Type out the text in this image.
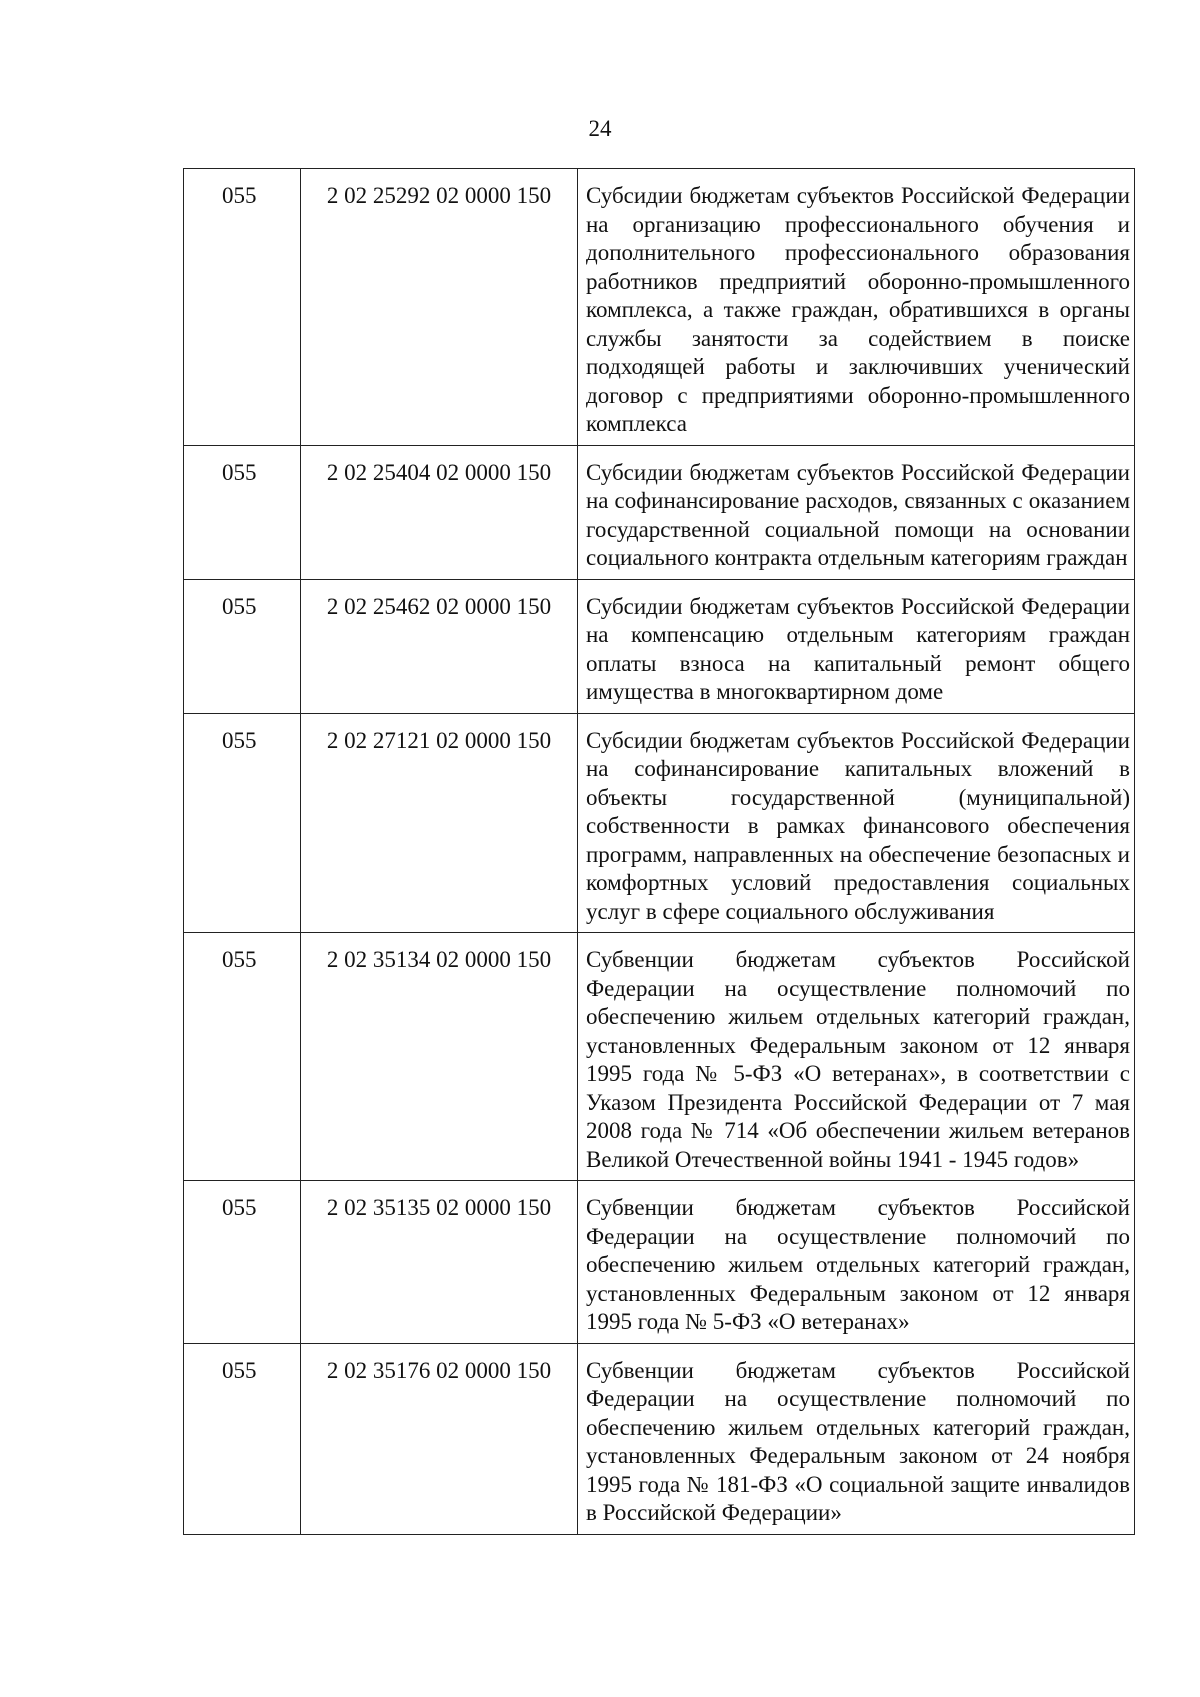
24
055	2 02 25292 02 0000 150	Субсидии бюджетам субъектов Российской Федерации на организацию профессионального обучения и дополнительного профессионального образования работников предприятий оборонно-промышленного комплекса, а также граждан, обратившихся в органы службы занятости за содействием в поиске подходящей работы и заключивших ученический договор с предприятиями оборонно-промышленного комплекса
055	2 02 25404 02 0000 150	Субсидии бюджетам субъектов Российской Федерации на софинансирование расходов, связанных с оказанием государственной социальной помощи на основании социального контракта отдельным категориям граждан
055	2 02 25462 02 0000 150	Субсидии бюджетам субъектов Российской Федерации на компенсацию отдельным категориям граждан оплаты взноса на капитальный ремонт общего имущества в многоквартирном доме
055	2 02 27121 02 0000 150	Субсидии бюджетам субъектов Российской Федерации на софинансирование капитальных вложений в объекты государственной (муниципальной) собственности в рамках финансового обеспечения программ, направленных на обеспечение безопасных и комфортных условий предоставления социальных услуг в сфере социального обслуживания
055	2 02 35134 02 0000 150	Субвенции бюджетам субъектов Российской Федерации на осуществление полномочий по обеспечению жильем отдельных категорий граждан, установленных Федеральным законом от 12 января 1995 года № 5-ФЗ «О ветеранах», в соответствии с Указом Президента Российской Федерации от 7 мая 2008 года № 714 «Об обеспечении жильем ветеранов Великой Отечественной войны 1941 - 1945 годов»
055	2 02 35135 02 0000 150	Субвенции бюджетам субъектов Российской Федерации на осуществление полномочий по обеспечению жильем отдельных категорий граждан, установленных Федеральным законом от 12 января 1995 года № 5-ФЗ «О ветеранах»
055	2 02 35176 02 0000 150	Субвенции бюджетам субъектов Российской Федерации на осуществление полномочий по обеспечению жильем отдельных категорий граждан, установленных Федеральным законом от 24 ноября 1995 года № 181-ФЗ «О социальной защите инвалидов в Российской Федерации»
